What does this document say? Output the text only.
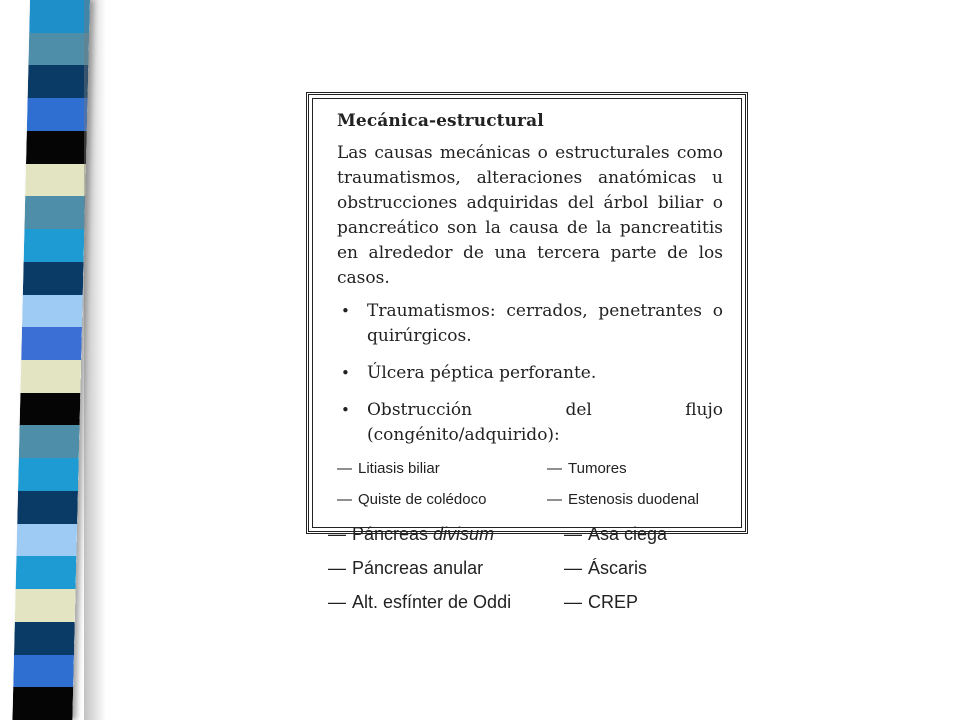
Mecánica-estructural

Las causas mecánicas o estructurales como traumatismos, alteraciones anatómicas u obstrucciones adquiridas del árbol biliar o pancreático son la causa de la pancreatitis en alrededor de una tercera parte de los casos.

• Traumatismos: cerrados, penetrantes o quirúrgicos.
• Úlcera péptica perforante.
• Obstrucción del flujo (congénito/adquirido):
— Litiasis biliar	— Tumores
— Quiste de colédoco	— Estenosis duodenal
— Páncreas divisum	— Asa ciega
— Páncreas anular	— Áscaris
— Alt. esfínter de Oddi	— CREP
